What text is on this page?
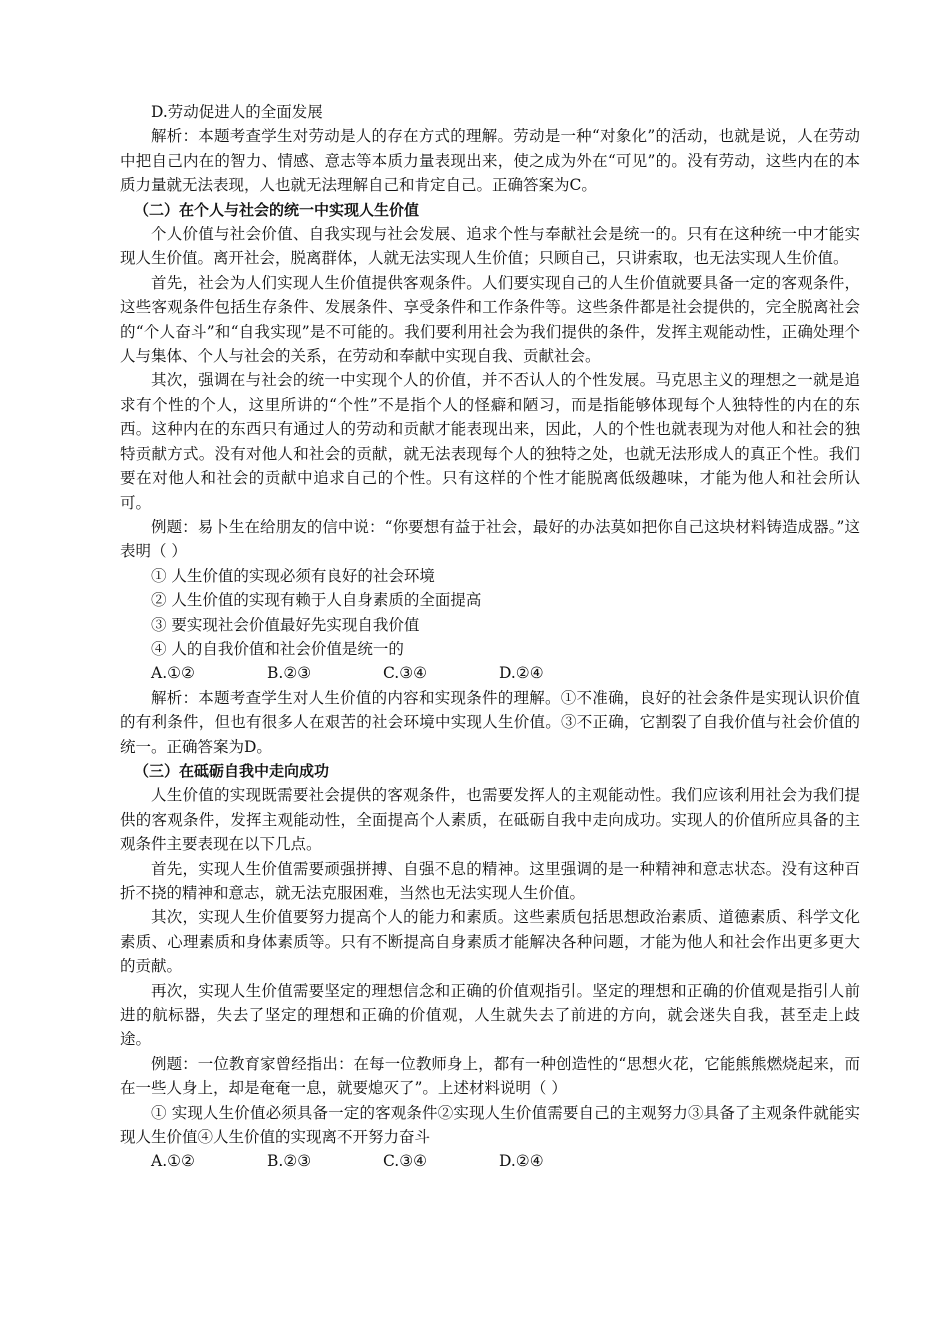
D.劳动促进人的全面发展

解析：本题考查学生对劳动是人的存在方式的理解。劳动是一种“对象化”的活动，也就是说，人在劳动中把自己内在的智力、情感、意志等本质力量表现出来，使之成为外在“可见”的。没有劳动，这些内在的本质力量就无法表现，人也就无法理解自己和肯定自己。正确答案为C。

（二）在个人与社会的统一中实现人生价值

个人价值与社会价值、自我实现与社会发展、追求个性与奉献社会是统一的。只有在这种统一中才能实现人生价值。离开社会，脱离群体，人就无法实现人生价值；只顾自己，只讲索取，也无法实现人生价值。

首先，社会为人们实现人生价值提供客观条件。人们要实现自己的人生价值就要具备一定的客观条件，这些客观条件包括生存条件、发展条件、享受条件和工作条件等。这些条件都是社会提供的，完全脱离社会的“个人奋斗”和“自我实现”是不可能的。我们要利用社会为我们提供的条件，发挥主观能动性，正确处理个人与集体、个人与社会的关系，在劳动和奉献中实现自我、贡献社会。

其次，强调在与社会的统一中实现个人的价值，并不否认人的个性发展。马克思主义的理想之一就是追求有个性的个人，这里所讲的“个性”不是指个人的怪癖和陋习，而是指能够体现每个人独特性的内在的东西。这种内在的东西只有通过人的劳动和贡献才能表现出来，因此，人的个性也就表现为对他人和社会的独特贡献方式。没有对他人和社会的贡献，就无法表现每个人的独特之处，也就无法形成人的真正个性。我们要在对他人和社会的贡献中追求自己的个性。只有这样的个性才能脱离低级趣味，才能为他人和社会所认可。

例题：易卜生在给朋友的信中说：“你要想有益于社会，最好的办法莫如把你自己这块材料铸造成器。”这表明（ ）

① 人生价值的实现必须有良好的社会环境

② 人生价值的实现有赖于人自身素质的全面提高

③ 要实现社会价值最好先实现自我价值

④ 人的自我价值和社会价值是统一的

A.①②	B.②③	C.③④	D.②④

解析：本题考查学生对人生价值的内容和实现条件的理解。①不准确，良好的社会条件是实现认识价值的有利条件，但也有很多人在艰苦的社会环境中实现人生价值。③不正确，它割裂了自我价值与社会价值的统一。正确答案为D。

（三）在砥砺自我中走向成功

人生价值的实现既需要社会提供的客观条件，也需要发挥人的主观能动性。我们应该利用社会为我们提供的客观条件，发挥主观能动性，全面提高个人素质，在砥砺自我中走向成功。实现人的价值所应具备的主观条件主要表现在以下几点。

首先，实现人生价值需要顽强拼搏、自强不息的精神。这里强调的是一种精神和意志状态。没有这种百折不挠的精神和意志，就无法克服困难，当然也无法实现人生价值。

其次，实现人生价值要努力提高个人的能力和素质。这些素质包括思想政治素质、道德素质、科学文化素质、心理素质和身体素质等。只有不断提高自身素质才能解决各种问题，才能为他人和社会作出更多更大的贡献。

再次，实现人生价值需要坚定的理想信念和正确的价值观指引。坚定的理想和正确的价值观是指引人前进的航标器，失去了坚定的理想和正确的价值观，人生就失去了前进的方向，就会迷失自我，甚至走上歧途。

例题：一位教育家曾经指出：在每一位教师身上，都有一种创造性的“思想火花，它能熊熊燃烧起来，而在一些人身上，却是奄奄一息，就要熄灭了”。上述材料说明（ ）

① 实现人生价值必须具备一定的客观条件②实现人生价值需要自己的主观努力③具备了主观条件就能实现人生价值④人生价值的实现离不开努力奋斗

A.①②	B.②③	C.③④	D.②④
